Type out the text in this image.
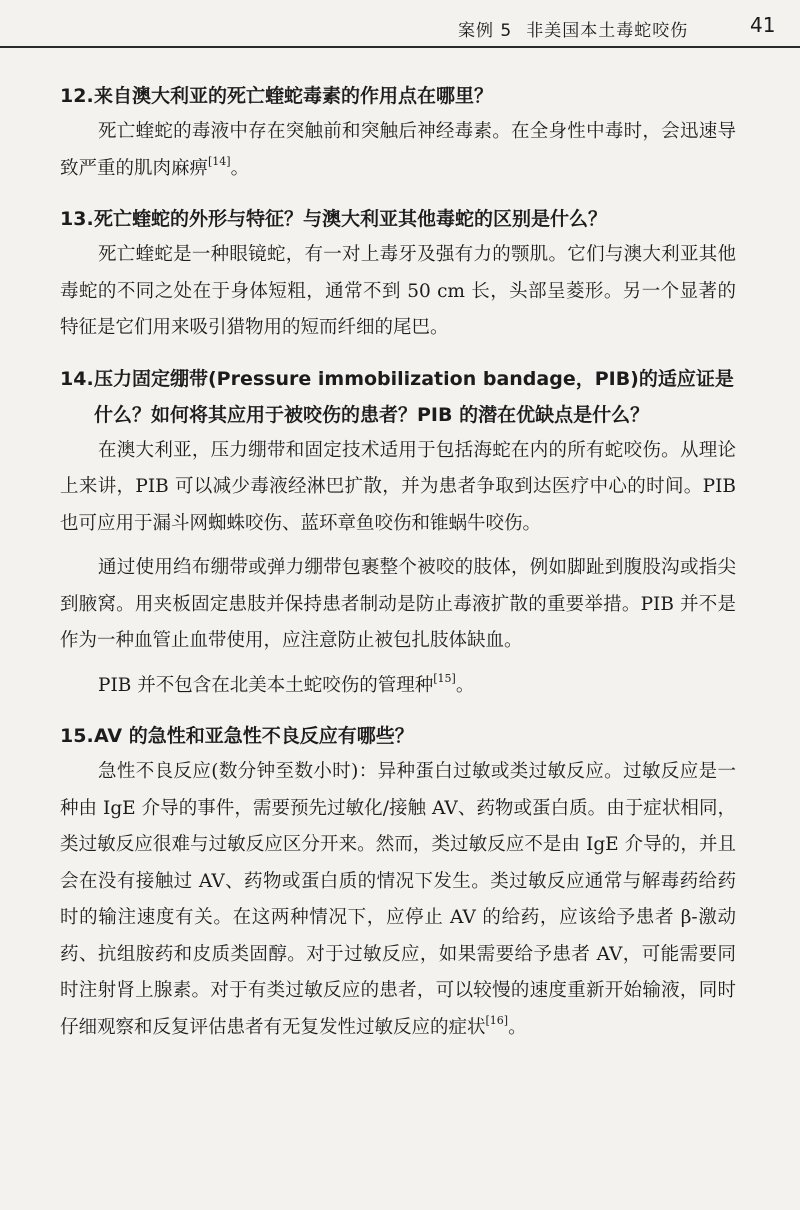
案例 5 非美国本土毒蛇咬伤	41
12.来自澳大利亚的死亡蝰蛇毒素的作用点在哪里？
死亡蝰蛇的毒液中存在突触前和突触后神经毒素。在全身性中毒时，会迅速导致严重的肌肉麻痹[14]。
13.死亡蝰蛇的外形与特征？与澳大利亚其他毒蛇的区别是什么？
死亡蝰蛇是一种眼镜蛇，有一对上毒牙及强有力的颚肌。它们与澳大利亚其他毒蛇的不同之处在于身体短粗，通常不到 50 cm 长，头部呈菱形。另一个显著的特征是它们用来吸引猎物用的短而纤细的尾巴。
14.压力固定绷带(Pressure immobilization bandage，PIB)的适应证是什么？如何将其应用于被咬伤的患者？PIB 的潜在优缺点是什么？
在澳大利亚，压力绷带和固定技术适用于包括海蛇在内的所有蛇咬伤。从理论上来讲，PIB 可以减少毒液经淋巴扩散，并为患者争取到达医疗中心的时间。PIB 也可应用于漏斗网蜘蛛咬伤、蓝环章鱼咬伤和锥蜗牛咬伤。
通过使用绉布绷带或弹力绷带包裹整个被咬的肢体，例如脚趾到腹股沟或指尖到腋窝。用夹板固定患肢并保持患者制动是防止毒液扩散的重要举措。PIB 并不是作为一种血管止血带使用，应注意防止被包扎肢体缺血。
PIB 并不包含在北美本土蛇咬伤的管理种[15]。
15.AV 的急性和亚急性不良反应有哪些？
急性不良反应(数分钟至数小时)：异种蛋白过敏或类过敏反应。过敏反应是一种由 IgE 介导的事件，需要预先过敏化/接触 AV、药物或蛋白质。由于症状相同，类过敏反应很难与过敏反应区分开来。然而，类过敏反应不是由 IgE 介导的，并且会在没有接触过 AV、药物或蛋白质的情况下发生。类过敏反应通常与解毒药给药时的输注速度有关。在这两种情况下，应停止 AV 的给药，应该给予患者 β-激动药、抗组胺药和皮质类固醇。对于过敏反应，如果需要给予患者 AV，可能需要同时注射肾上腺素。对于有类过敏反应的患者，可以较慢的速度重新开始输液，同时仔细观察和反复评估患者有无复发性过敏反应的症状[16]。
